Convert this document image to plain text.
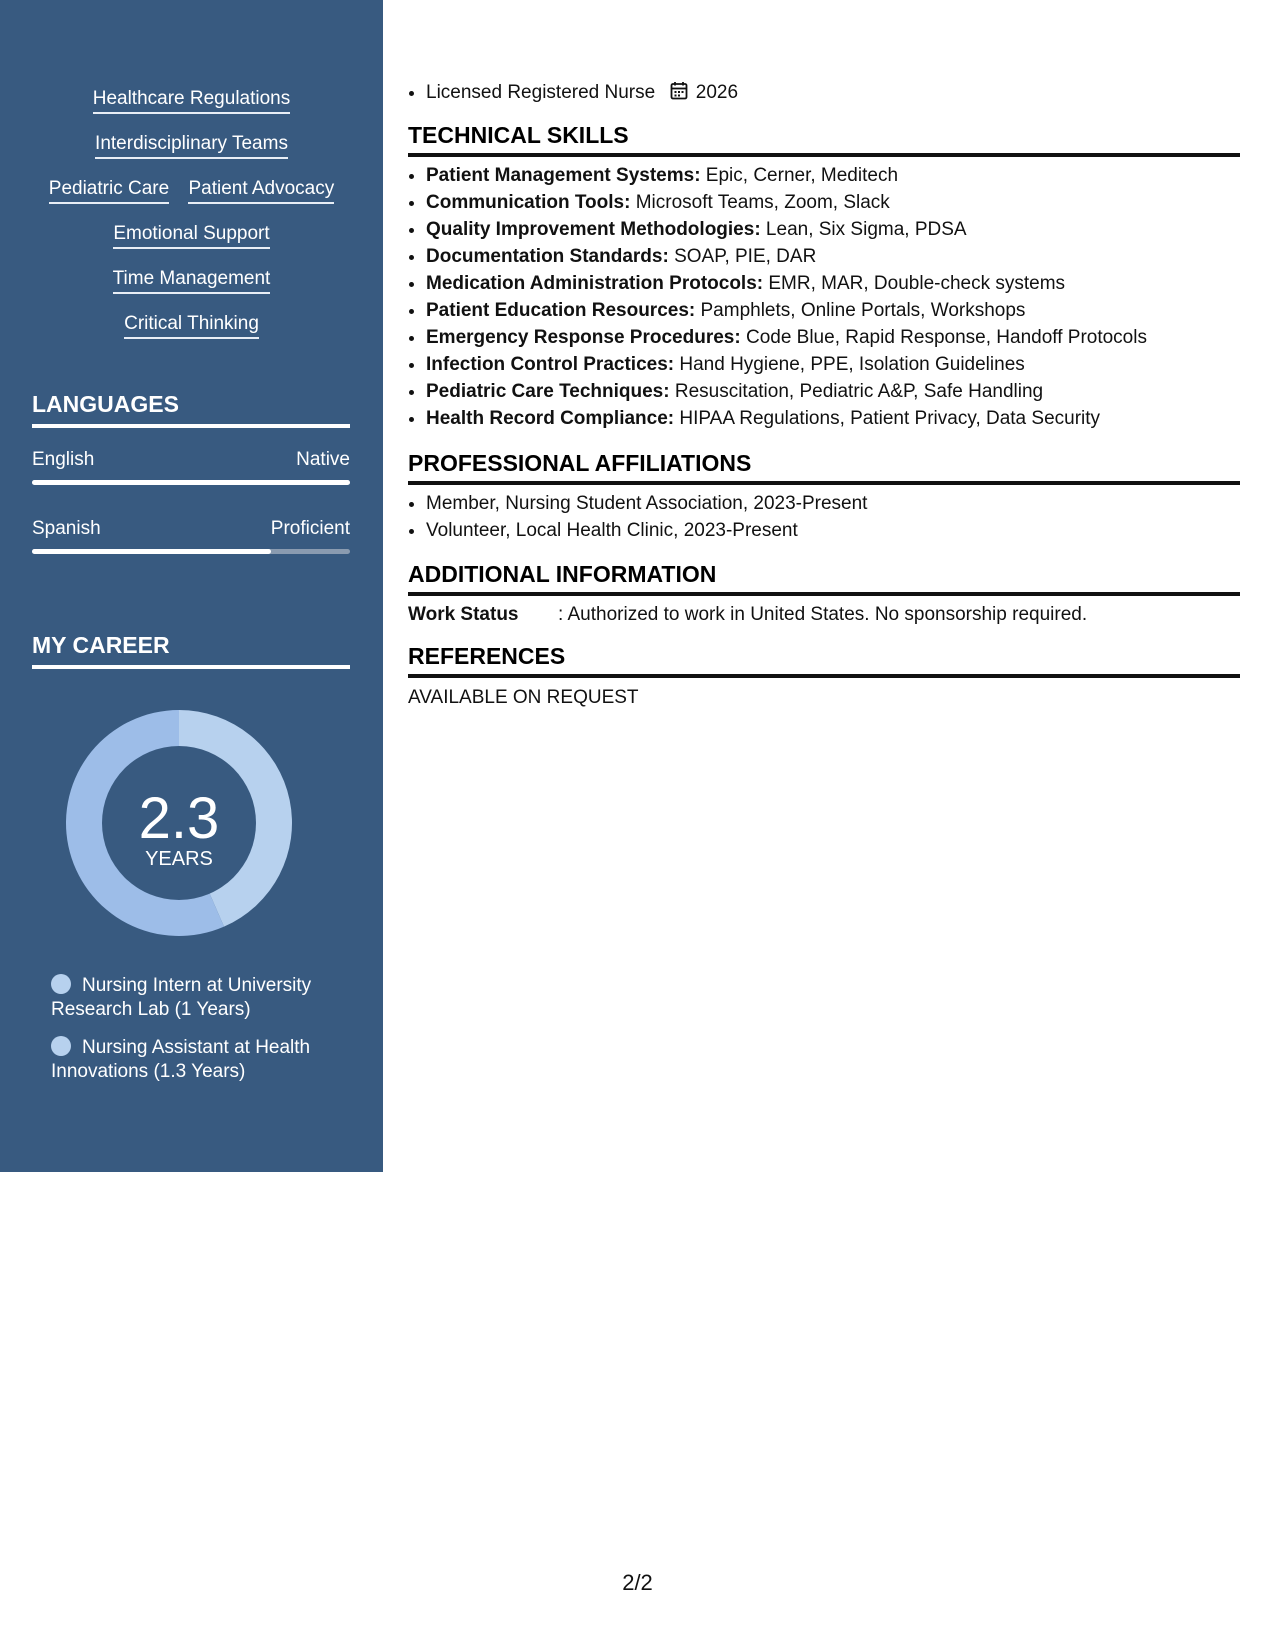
Healthcare Regulations
Interdisciplinary Teams
Pediatric Care Patient Advocacy
Emotional Support
Time Management
Critical Thinking
LANGUAGES
English	Native
Spanish	Proficient
MY CAREER
2.3
YEARS
Nursing Intern at University Research Lab (1 Years)
Nursing Assistant at Health Innovations (1.3 Years)
• Licensed Registered Nurse 2026
TECHNICAL SKILLS
• Patient Management Systems: Epic, Cerner, Meditech
• Communication Tools: Microsoft Teams, Zoom, Slack
• Quality Improvement Methodologies: Lean, Six Sigma, PDSA
• Documentation Standards: SOAP, PIE, DAR
• Medication Administration Protocols: EMR, MAR, Double-check systems
• Patient Education Resources: Pamphlets, Online Portals, Workshops
• Emergency Response Procedures: Code Blue, Rapid Response, Handoff Protocols
• Infection Control Practices: Hand Hygiene, PPE, Isolation Guidelines
• Pediatric Care Techniques: Resuscitation, Pediatric A&P, Safe Handling
• Health Record Compliance: HIPAA Regulations, Patient Privacy, Data Security
PROFESSIONAL AFFILIATIONS
• Member, Nursing Student Association, 2023-Present
• Volunteer, Local Health Clinic, 2023-Present
ADDITIONAL INFORMATION
Work Status : Authorized to work in United States. No sponsorship required.
REFERENCES
AVAILABLE ON REQUEST
2/2
